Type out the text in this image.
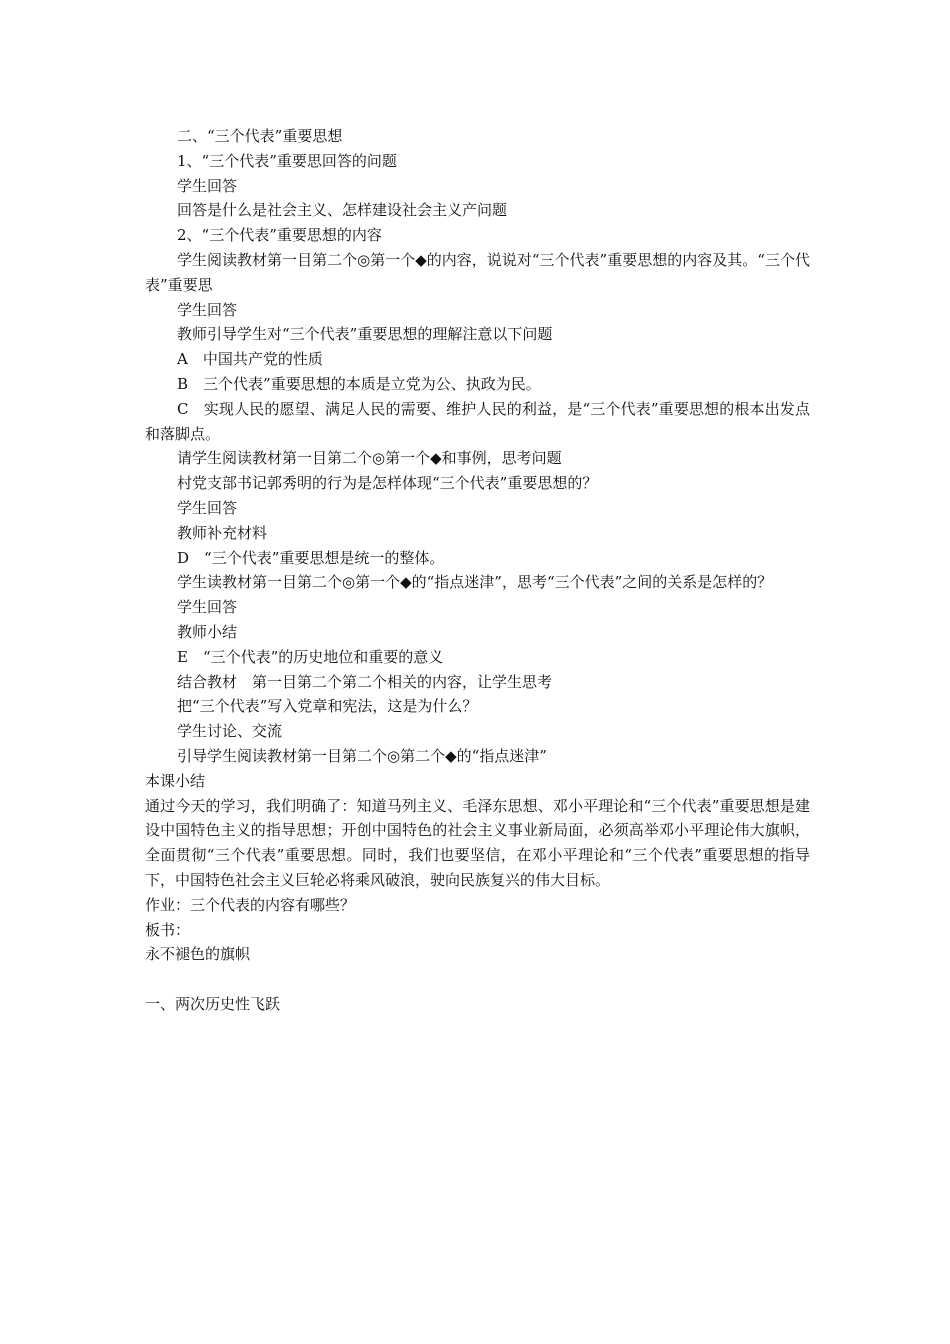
二、“三个代表”重要思想
1、“三个代表”重要思回答的问题
学生回答
回答是什么是社会主义、怎样建设社会主义产问题
2、“三个代表”重要思想的内容
学生阅读教材第一目第二个◎第一个◆的内容，说说对“三个代表”重要思想的内容及其。“三个代表”重要思
学生回答
教师引导学生对“三个代表”重要思想的理解注意以下问题
A　中国共产党的性质
B　三个代表”重要思想的本质是立党为公、执政为民。
C　实现人民的愿望、满足人民的需要、维护人民的利益，是“三个代表”重要思想的根本出发点和落脚点。
请学生阅读教材第一目第二个◎第一个◆和事例，思考问题
村党支部书记郭秀明的行为是怎样体现“三个代表”重要思想的？
学生回答
教师补充材料
D　“三个代表”重要思想是统一的整体。
学生读教材第一目第二个◎第一个◆的“指点迷津”，思考“三个代表”之间的关系是怎样的？
学生回答
教师小结
E　“三个代表”的历史地位和重要的意义
结合教材　第一目第二个第二个相关的内容，让学生思考
把“三个代表”写入党章和宪法，这是为什么？
学生讨论、交流
引导学生阅读教材第一目第二个◎第二个◆的“指点迷津”
本课小结
通过今天的学习，我们明确了：知道马列主义、毛泽东思想、邓小平理论和“三个代表”重要思想是建设中国特色主义的指导思想；开创中国特色的社会主义事业新局面，必须高举邓小平理论伟大旗帜，全面贯彻“三个代表”重要思想。同时，我们也要坚信，在邓小平理论和“三个代表”重要思想的指导下，中国特色社会主义巨轮必将乘风破浪，驶向民族复兴的伟大目标。
作业：三个代表的内容有哪些？
板书：
永不褪色的旗帜
一、两次历史性飞跃
